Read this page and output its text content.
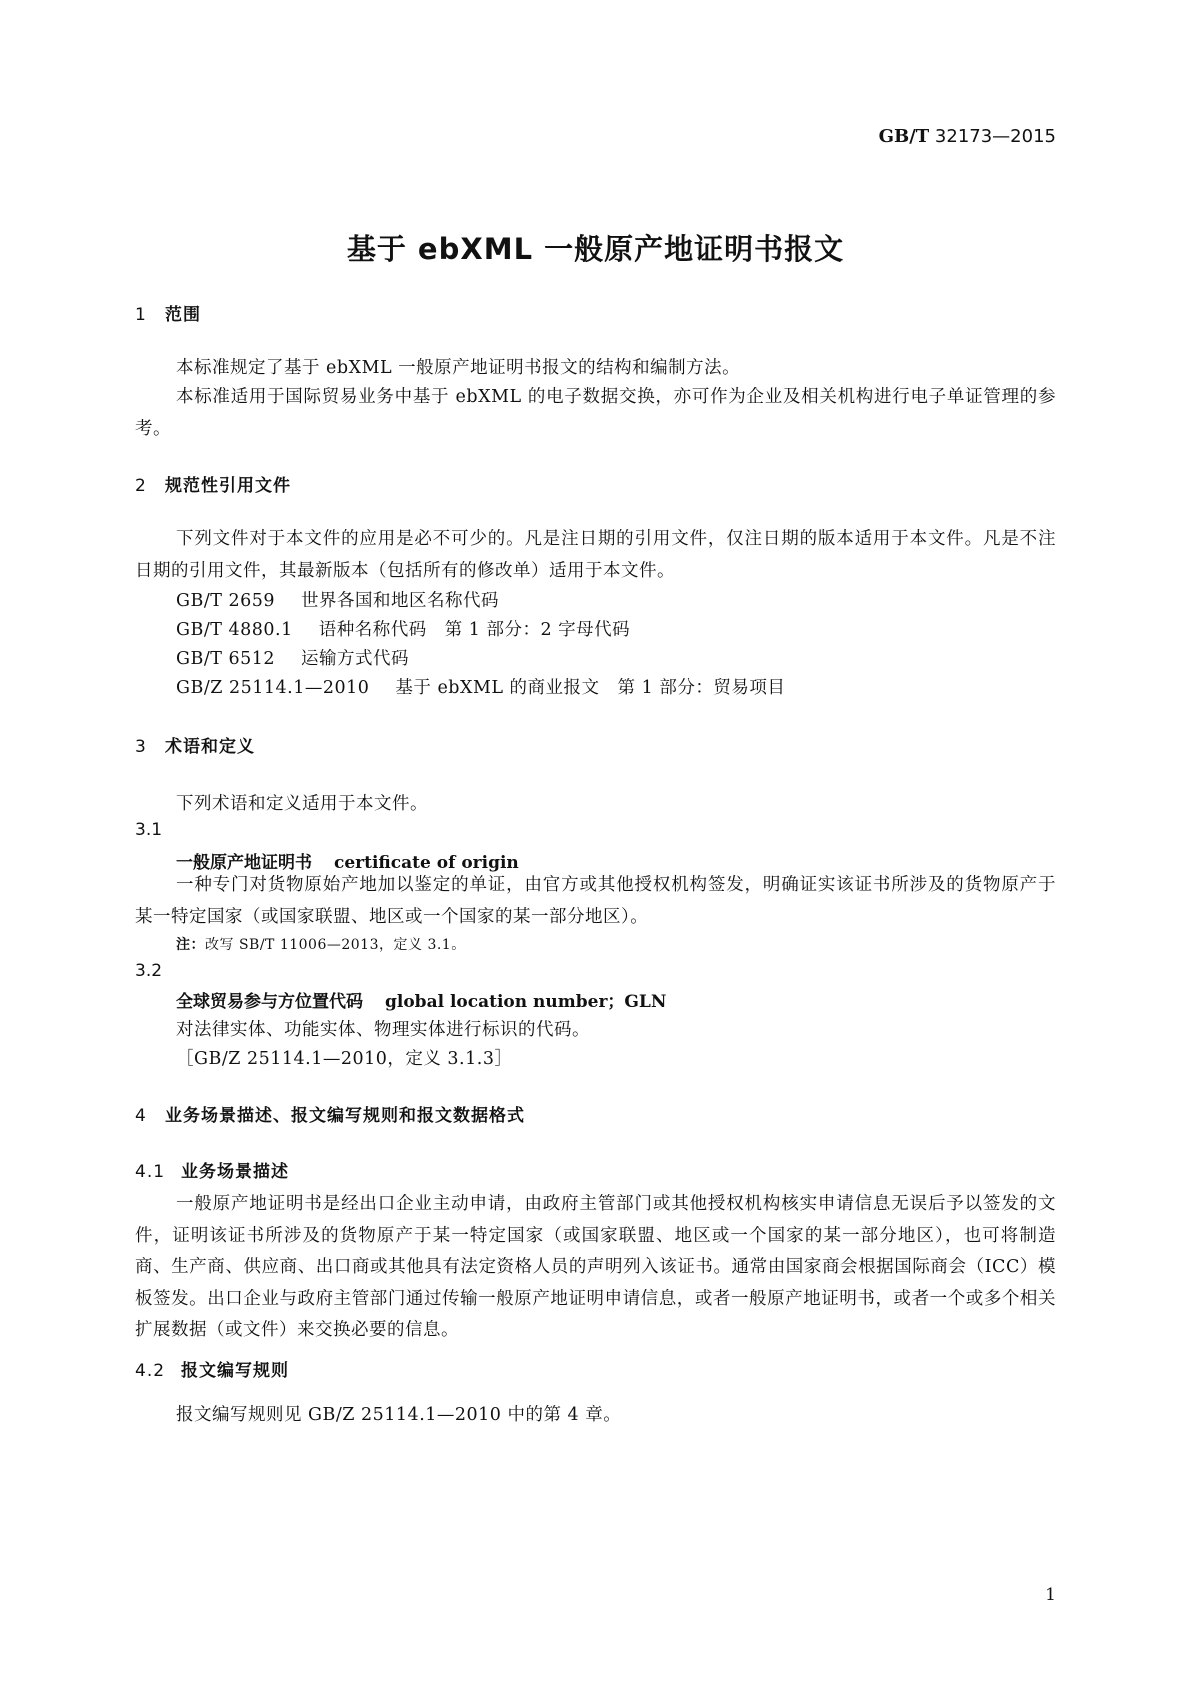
GB/T 32173—2015
基于 ebXML 一般原产地证明书报文
1 范围
本标准规定了基于 ebXML 一般原产地证明书报文的结构和编制方法。
本标准适用于国际贸易业务中基于 ebXML 的电子数据交换，亦可作为企业及相关机构进行电子单证管理的参考。
2 规范性引用文件
下列文件对于本文件的应用是必不可少的。凡是注日期的引用文件，仅注日期的版本适用于本文件。凡是不注日期的引用文件，其最新版本（包括所有的修改单）适用于本文件。
GB/T 2659 世界各国和地区名称代码
GB/T 4880.1 语种名称代码　第 1 部分：2 字母代码
GB/T 6512 运输方式代码
GB/Z 25114.1—2010 基于 ebXML 的商业报文　第 1 部分：贸易项目
3 术语和定义
下列术语和定义适用于本文件。
3.1
一般原产地证明书 certificate of origin
一种专门对货物原始产地加以鉴定的单证，由官方或其他授权机构签发，明确证实该证书所涉及的货物原产于某一特定国家（或国家联盟、地区或一个国家的某一部分地区）。
注：改写 SB/T 11006—2013，定义 3.1。
3.2
全球贸易参与方位置代码 global location number；GLN
对法律实体、功能实体、物理实体进行标识的代码。
［GB/Z 25114.1—2010，定义 3.1.3］
4 业务场景描述、报文编写规则和报文数据格式
4.1 业务场景描述
一般原产地证明书是经出口企业主动申请，由政府主管部门或其他授权机构核实申请信息无误后予以签发的文件，证明该证书所涉及的货物原产于某一特定国家（或国家联盟、地区或一个国家的某一部分地区），也可将制造商、生产商、供应商、出口商或其他具有法定资格人员的声明列入该证书。通常由国家商会根据国际商会（ICC）模板签发。出口企业与政府主管部门通过传输一般原产地证明申请信息，或者一般原产地证明书，或者一个或多个相关扩展数据（或文件）来交换必要的信息。
4.2 报文编写规则
报文编写规则见 GB/Z 25114.1—2010 中的第 4 章。
1
